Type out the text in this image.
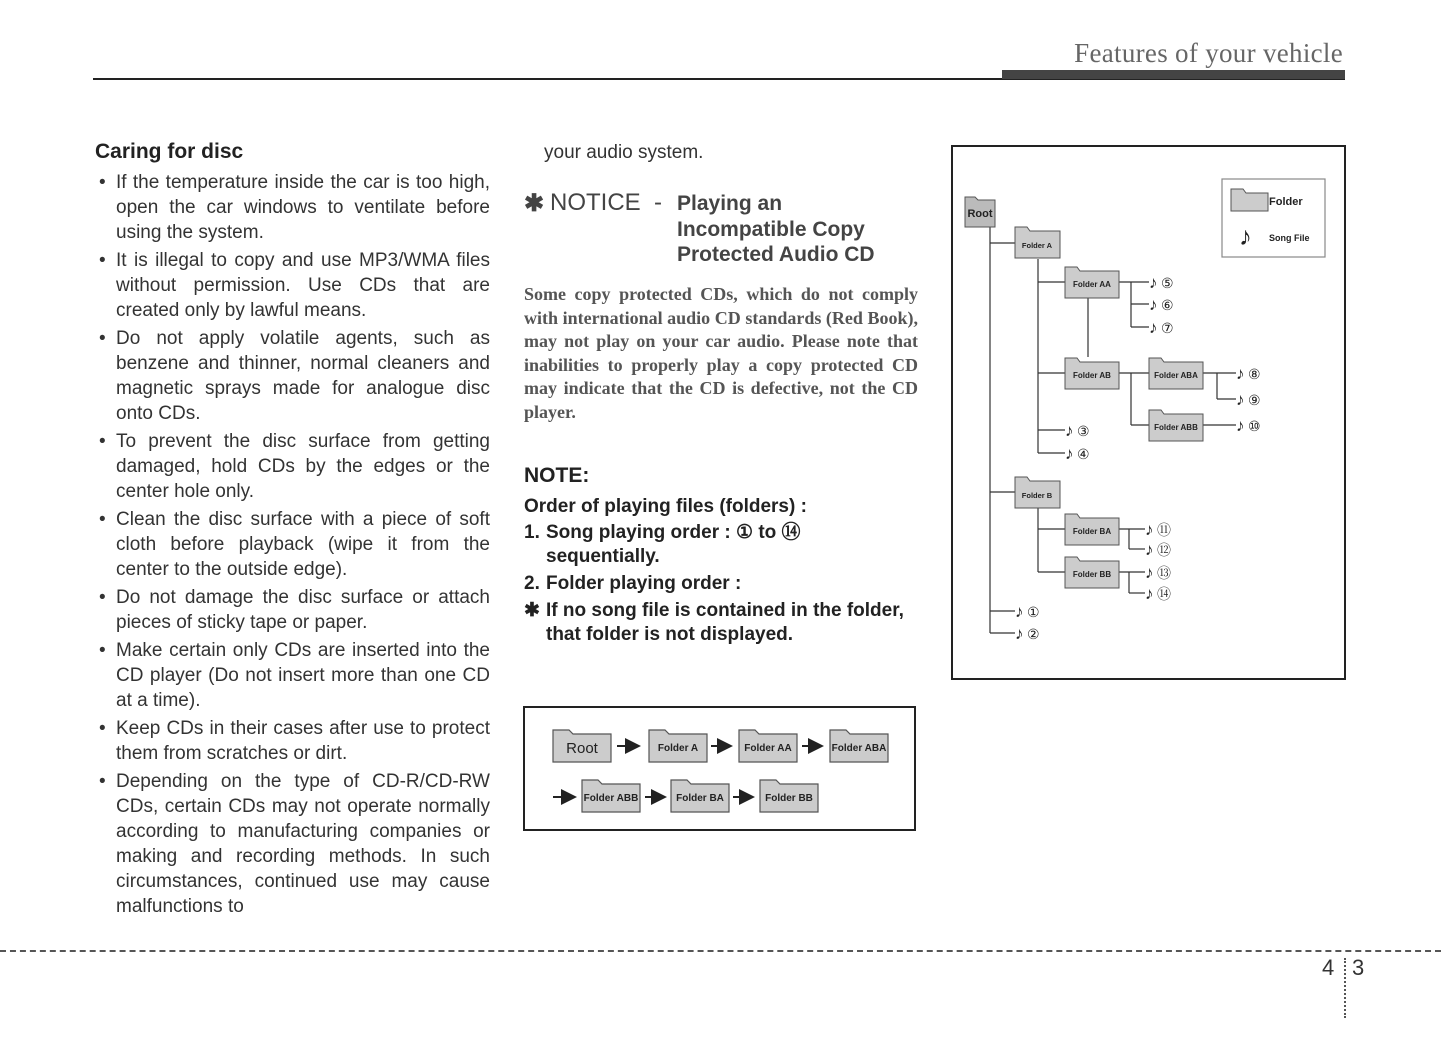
Features of your vehicle
Caring for disc
• If the temperature inside the car is too high, open the car windows to ventilate before using the system.
• It is illegal to copy and use MP3/WMA files without permission. Use CDs that are created only by lawful means.
• Do not apply volatile agents, such as benzene and thinner, normal cleaners and magnetic sprays made for analogue disc onto CDs.
• To prevent the disc surface from getting damaged, hold CDs by the edges or the center hole only.
• Clean the disc surface with a piece of soft cloth before playback (wipe it from the center to the outside edge).
• Do not damage the disc surface or attach pieces of sticky tape or paper.
• Make certain only CDs are inserted into the CD player (Do not insert more than one CD at a time).
• Keep CDs in their cases after use to protect them from scratches or dirt.
• Depending on the type of CD-R/CD-RW CDs, certain CDs may not operate normally according to manufacturing companies or making and recording methods. In such circumstances, continued use may cause malfunctions to

your audio system.

✱ NOTICE - Playing an Incompatible Copy Protected Audio CD
Some copy protected CDs, which do not comply with international audio CD standards (Red Book), may not play on your car audio. Please note that inabilities to properly play a copy protected CD may indicate that the CD is defective, not the CD player.
NOTE:
Order of playing files (folders) :
1. Song playing order : ① to ⑭ sequentially.
2. Folder playing order :
✱ If no song file is contained in the folder, that folder is not displayed.
Root	Folder A	Folder AA	Folder ABA
Folder ABB	Folder BA	Folder BB
Folder
♪ Song File
Root
Folder A
Folder AA
Folder AB	Folder ABA
Folder ABB
Folder B
Folder BA
Folder BB
♪ ①
♪ ②
♪ ③
♪ ④
♪ ⑤
♪ ⑥
♪ ⑦
♪ ⑧
♪ ⑨
♪ ⑩
♪ ⑪
♪ ⑫
♪ ⑬
♪ ⑭
4 3
